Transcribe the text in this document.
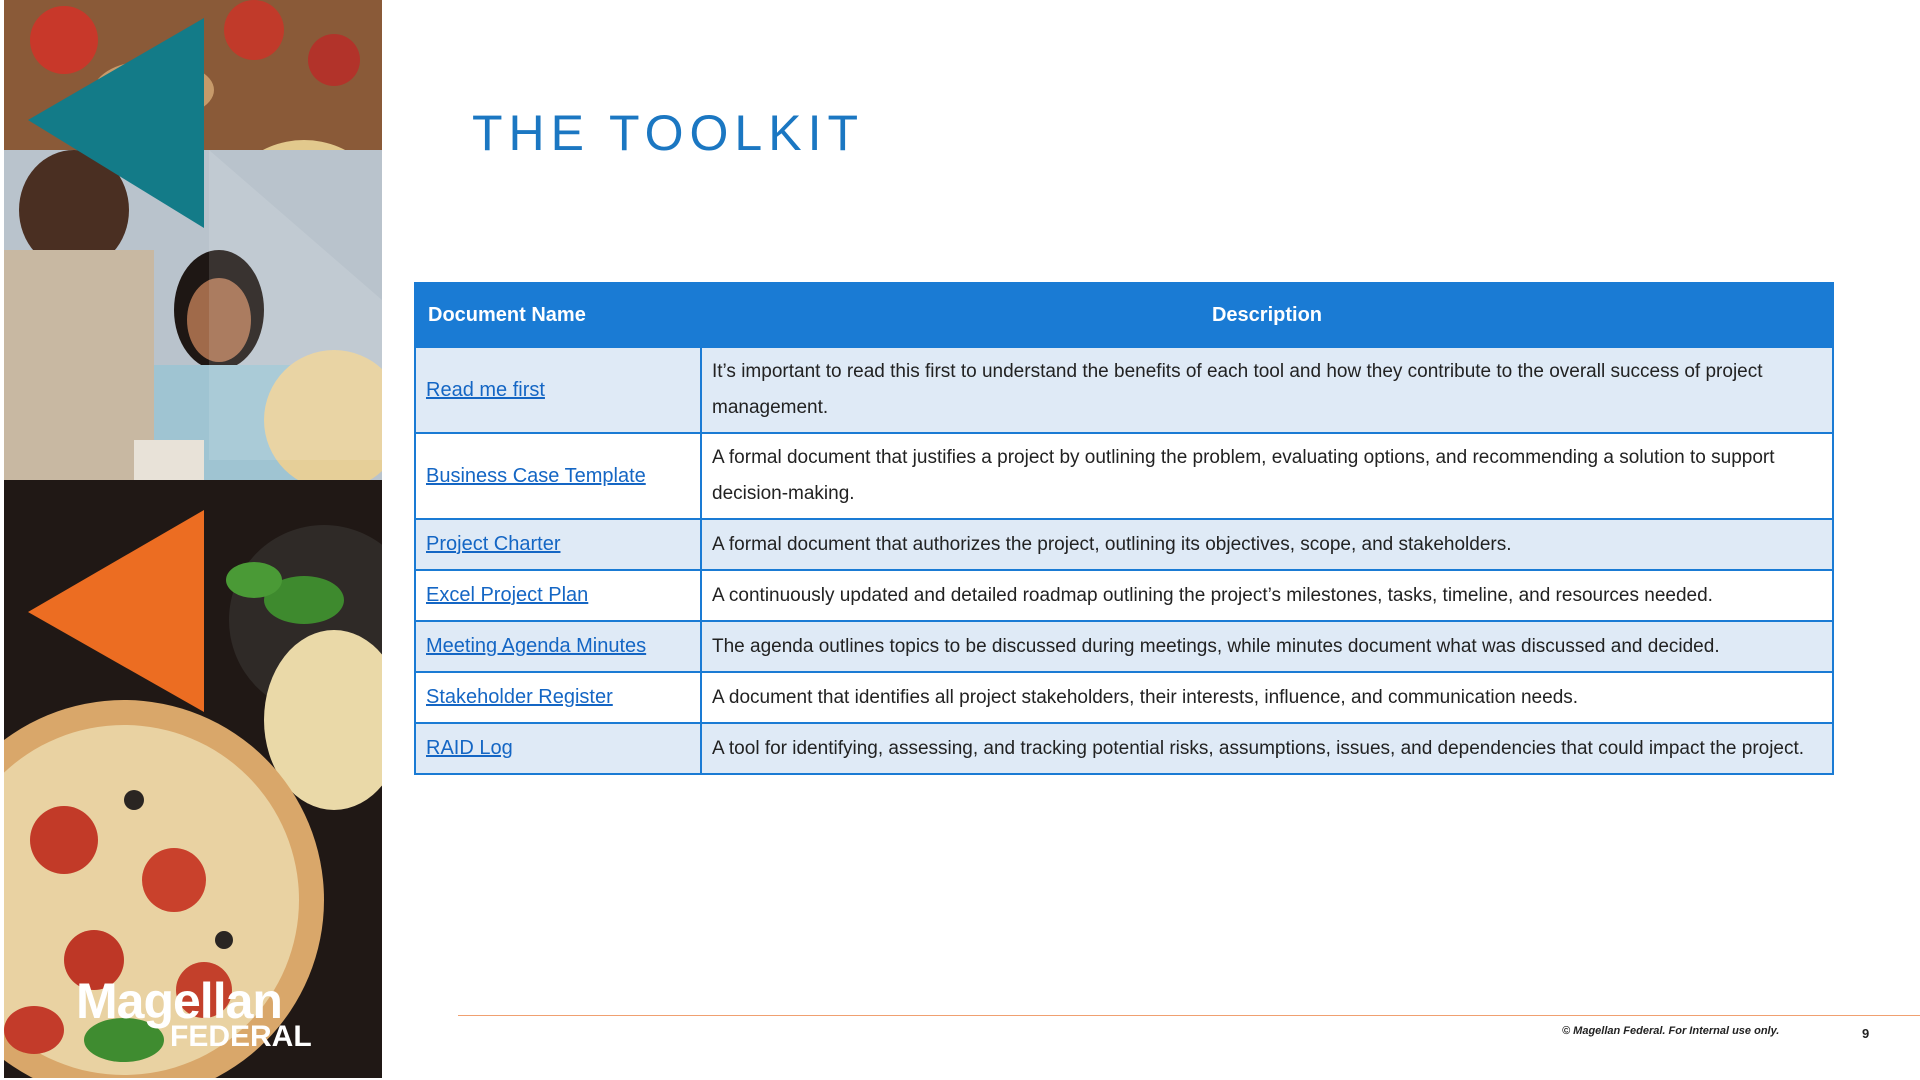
Magellan
FEDERAL
THE TOOLKIT
Document Name	Description
Read me first	It’s important to read this first to understand the benefits of each tool and how they contribute to the overall success of project management.
Business Case Template	A formal document that justifies a project by outlining the problem, evaluating options, and recommending a solution to support decision-making.
Project Charter	A formal document that authorizes the project, outlining its objectives, scope, and stakeholders.
Excel Project Plan	A continuously updated and detailed roadmap outlining the project’s milestones, tasks, timeline, and resources needed.
Meeting Agenda Minutes	The agenda outlines topics to be discussed during meetings, while minutes document what was discussed and decided.
Stakeholder Register	A document that identifies all project stakeholders, their interests, influence, and communication needs.
RAID Log	A tool for identifying, assessing, and tracking potential risks, assumptions, issues, and dependencies that could impact the project.
© Magellan Federal. For Internal use only.	9
